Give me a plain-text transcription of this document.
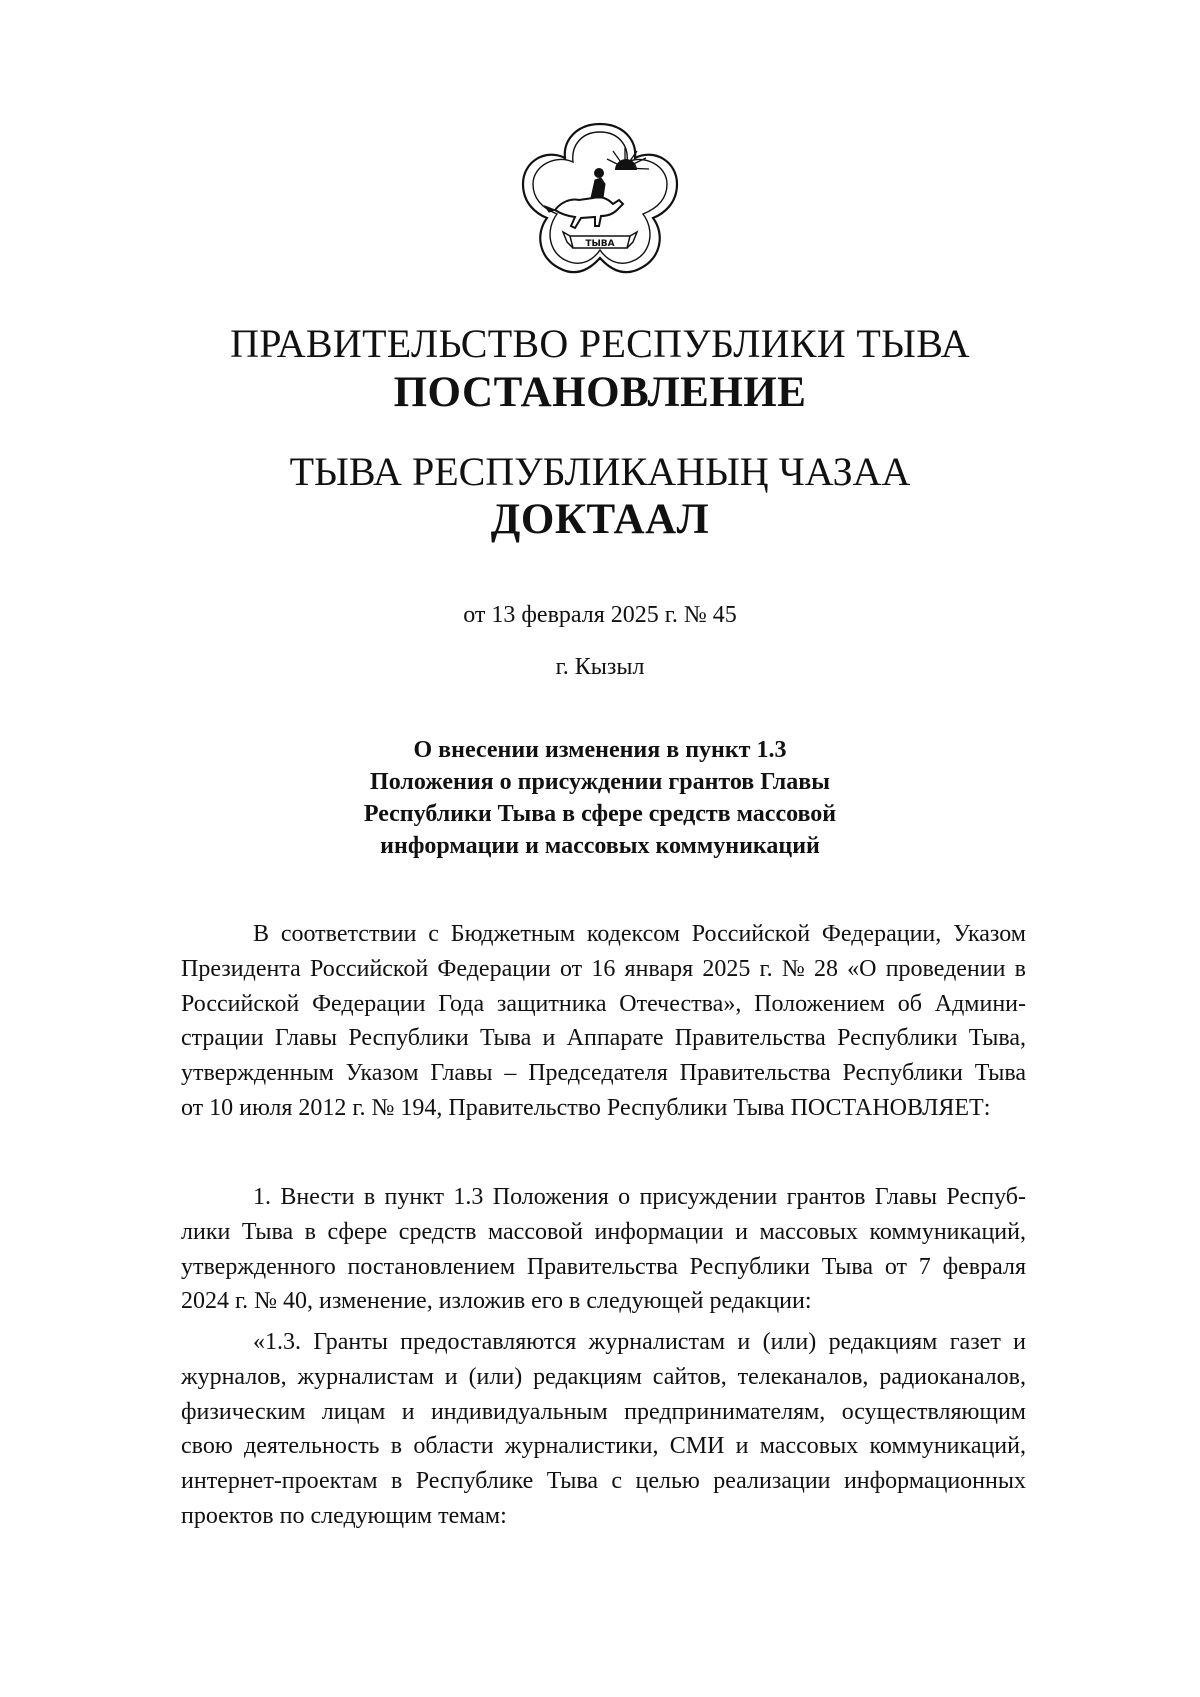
ТЫВА
ПРАВИТЕЛЬСТВО РЕСПУБЛИКИ ТЫВА
ПОСТАНОВЛЕНИЕ
ТЫВА РЕСПУБЛИКАНЫҢ ЧАЗАА
ДОКТААЛ
от 13 февраля 2025 г. № 45
г. Кызыл
О внесении изменения в пункт 1.3
Положения о присуждении грантов Главы
Республики Тыва в сфере средств массовой
информации и массовых коммуникаций
В соответствии с Бюджетным кодексом Российской Федерации, Указом
Президента Российской Федерации от 16 января 2025 г. № 28 «О проведении в
Российской Федерации Года защитника Отечества», Положением об Админи-
страции Главы Республики Тыва и Аппарате Правительства Республики Тыва,
утвержденным Указом Главы – Председателя Правительства Республики Тыва
от 10 июля 2012 г. № 194, Правительство Республики Тыва ПОСТАНОВЛЯЕТ:
1. Внести в пункт 1.3 Положения о присуждении грантов Главы Респуб-
лики Тыва в сфере средств массовой информации и массовых коммуникаций,
утвержденного постановлением Правительства Республики Тыва от 7 февраля
2024 г. № 40, изменение, изложив его в следующей редакции:
«1.3. Гранты предоставляются журналистам и (или) редакциям газет и
журналов, журналистам и (или) редакциям сайтов, телеканалов, радиоканалов,
физическим лицам и индивидуальным предпринимателям, осуществляющим
свою деятельность в области журналистики, СМИ и массовых коммуникаций,
интернет-проектам в Республике Тыва с целью реализации информационных
проектов по следующим темам:
